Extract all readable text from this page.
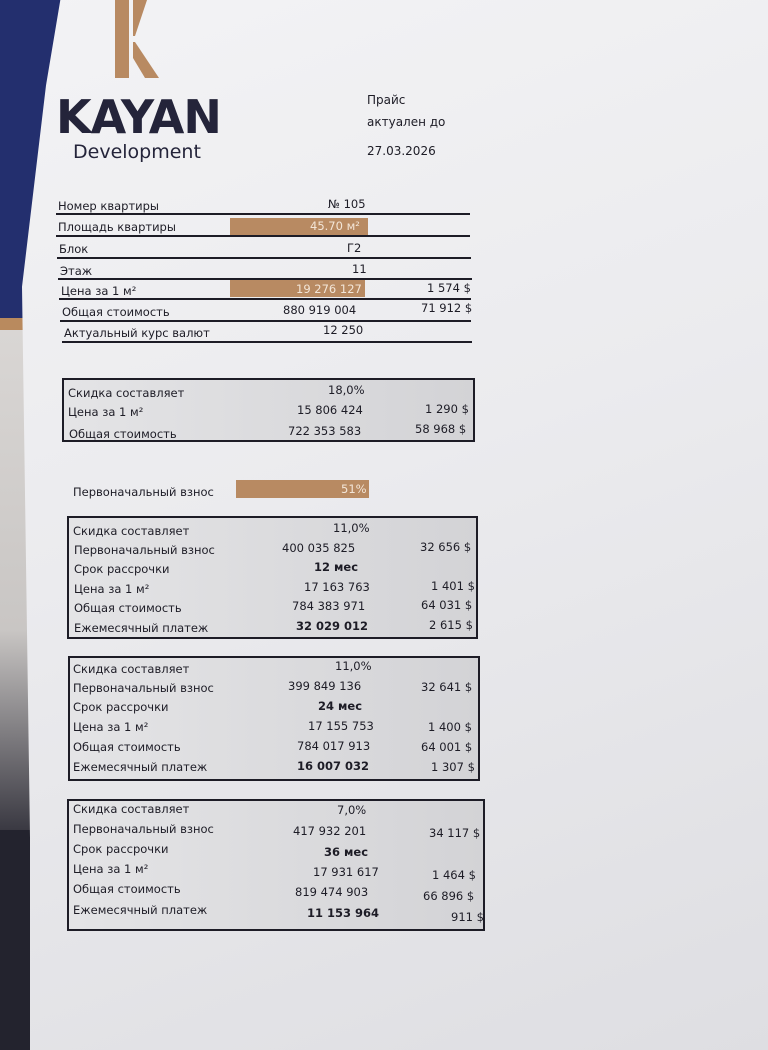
KAYAN
Development
Прайс
актуален до
27.03.2026
Номер квартиры	№ 105
Площадь квартиры	45.70 м²
Блок	Г2
Этаж	11
Цена за 1 м²	19 276 127	1 574 $
Общая стоимость	880 919 004	71 912 $
Актуальный курс валют	12 250
Скидка составляет	18,0%
Цена за 1 м²	15 806 424	1 290 $
Общая стоимость	722 353 583	58 968 $
Первоначальный взнос	51%
Скидка составляет	11,0%
Первоначальный взнос	400 035 825	32 656 $
Срок рассрочки	12 мес
Цена за 1 м²	17 163 763	1 401 $
Общая стоимость	784 383 971	64 031 $
Ежемесячный платеж	32 029 012	2 615 $
Скидка составляет	11,0%
Первоначальный взнос	399 849 136	32 641 $
Срок рассрочки	24 мес
Цена за 1 м²	17 155 753	1 400 $
Общая стоимость	784 017 913	64 001 $
Ежемесячный платеж	16 007 032	1 307 $
Скидка составляет	7,0%
Первоначальный взнос	417 932 201	34 117 $
Срок рассрочки	36 мес
Цена за 1 м²	17 931 617	1 464 $
Общая стоимость	819 474 903	66 896 $
Ежемесячный платеж	11 153 964	911 $
